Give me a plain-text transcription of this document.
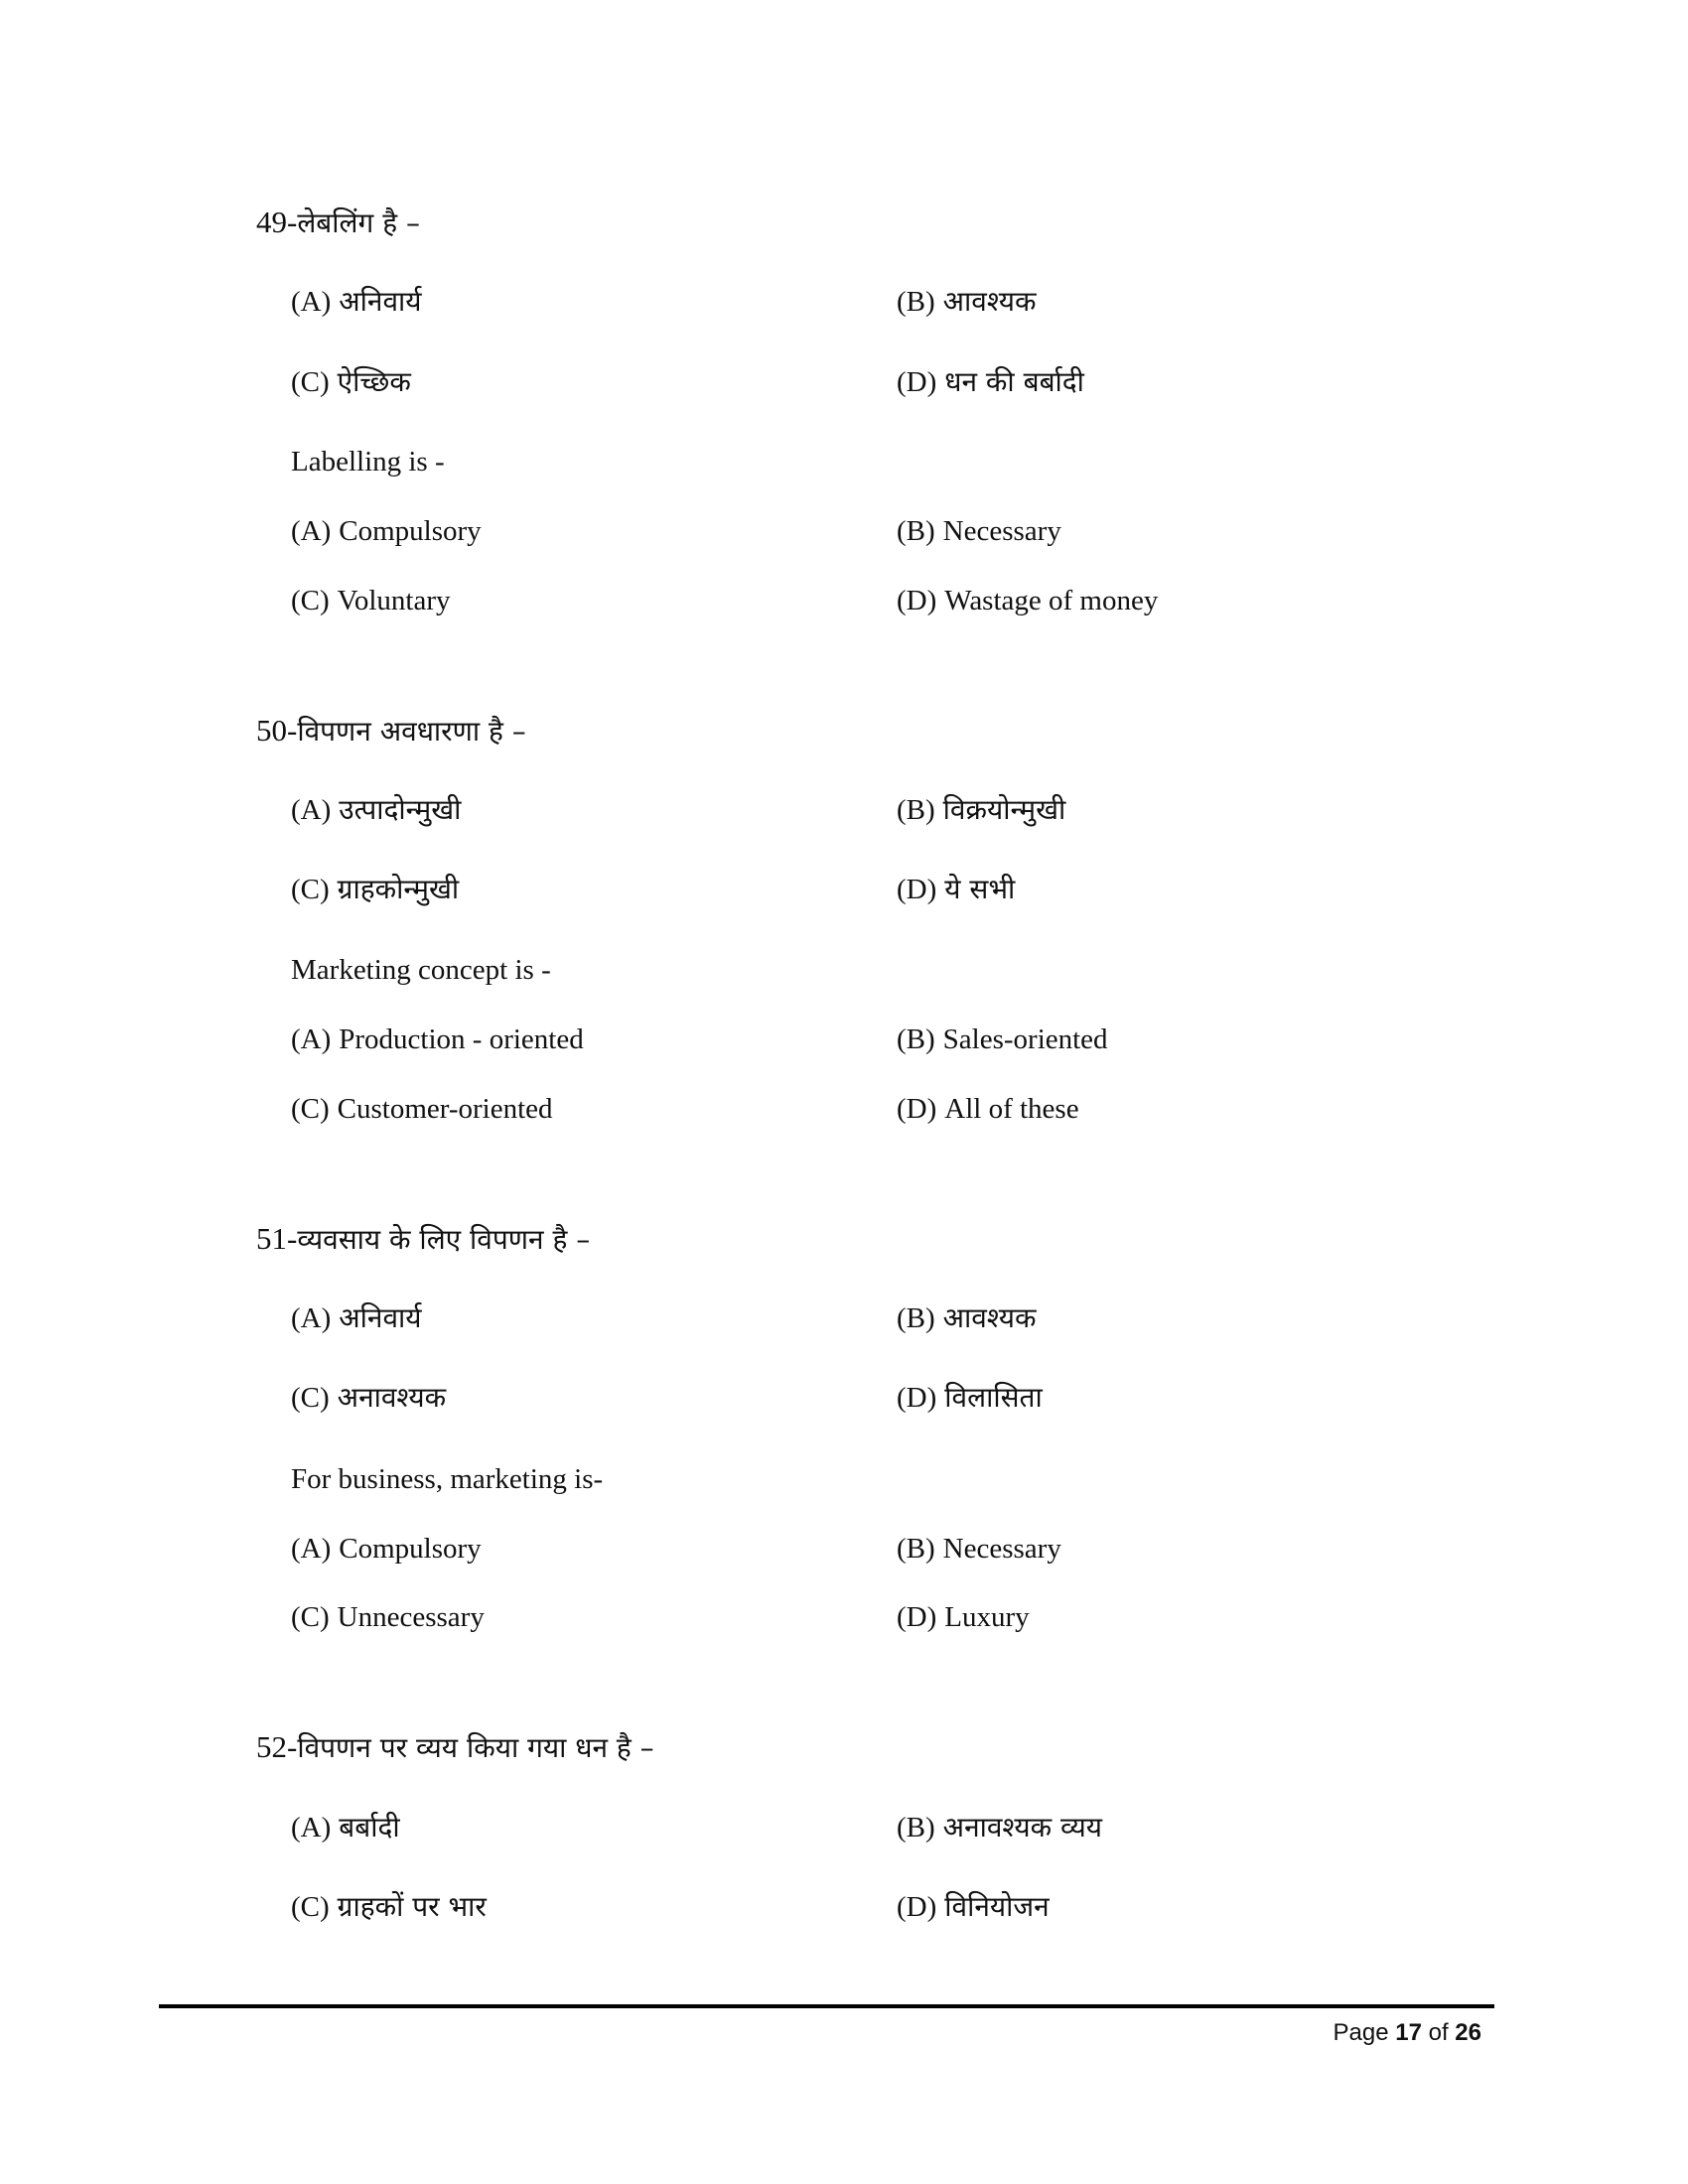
49-लेबलिंग है –
(A) अनिवार्य	(B) आवश्यक
(C) ऐच्छिक	(D) धन की बर्बादी
Labelling is -
(A) Compulsory	(B) Necessary
(C) Voluntary	(D) Wastage of money
50-विपणन अवधारणा है –
(A) उत्पादोन्मुखी	(B) विक्रयोन्मुखी
(C) ग्राहकोन्मुखी	(D) ये सभी
Marketing concept is -
(A) Production - oriented	(B) Sales-oriented
(C) Customer-oriented	(D) All of these
51-व्यवसाय के लिए विपणन है –
(A) अनिवार्य	(B) आवश्यक
(C) अनावश्यक	(D) विलासिता
For business, marketing is-
(A) Compulsory	(B) Necessary
(C) Unnecessary	(D) Luxury
52-विपणन पर व्यय किया गया धन है –
(A) बर्बादी	(B) अनावश्यक व्यय
(C) ग्राहकों पर भार	(D) विनियोजन
Page 17 of 26
